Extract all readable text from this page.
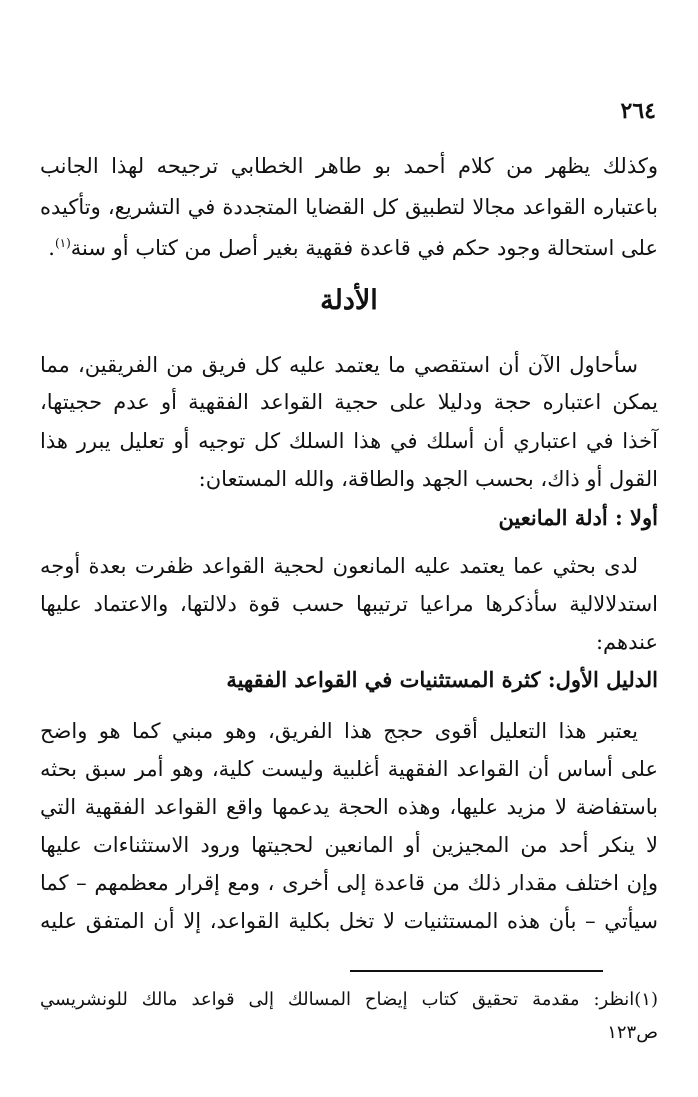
٢٦٤
وكذلك يظهر من كلام أحمد بو طاهر الخطابي ترجيحه لهذا الجانب
باعتباره القواعد مجالا لتطبيق كل القضايا المتجددة في التشريع، وتأكيده
على استحالة وجود حكم في قاعدة فقهية بغير أصل من كتاب أو سنة$^{(١)}$.
الأدلة
سأحاول الآن أن استقصي ما يعتمد عليه كل فريق من الفريقين، مما
يمكن اعتباره حجة ودليلا على حجية القواعد الفقهية أو عدم حجيتها،
آخذا في اعتباري أن أسلك في هذا السلك كل توجيه أو تعليل يبرر هذا
القول أو ذاك، بحسب الجهد والطاقة، والله المستعان:
أولا : أدلة المانعين
لدى بحثي عما يعتمد عليه المانعون لحجية القواعد ظفرت بعدة أوجه
استدلالالية سأذكرها مراعيا ترتيبها حسب قوة دلالتها، والاعتماد عليها
عندهم:
الدليل الأول: كثرة المستثنيات في القواعد الفقهية
يعتبر هذا التعليل أقوى حجج هذا الفريق، وهو مبني كما هو واضح
على أساس أن القواعد الفقهية أغلبية وليست كلية، وهو أمر سبق بحثه
باستفاضة لا مزيد عليها، وهذه الحجة يدعمها واقع القواعد الفقهية التي
لا ينكر أحد من المجيزين أو المانعين لحجيتها ورود الاستثناءات عليها
وإن اختلف مقدار ذلك من قاعدة إلى أخرى ، ومع إقرار معظمهم – كما
سيأتي – بأن هذه المستثنيات لا تخل بكلية القواعد، إلا أن المتفق عليه
(١)انظر: مقدمة تحقيق كتاب إيضاح المسالك إلى قواعد مالك للونشريسي
ص١٢٣
